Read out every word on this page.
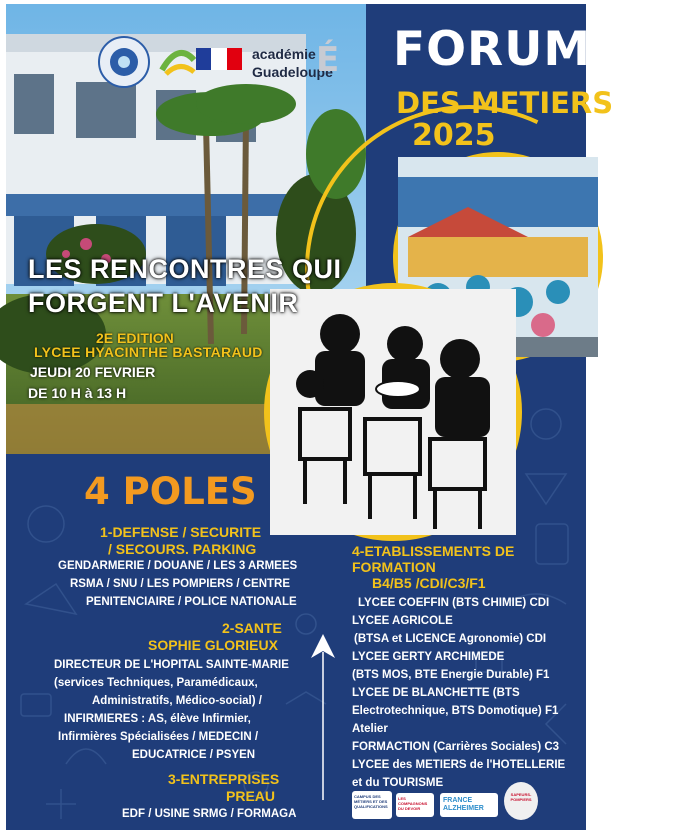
académie

Guadeloupe

É FORUM

DES METIERS

2025

LES RENCONTRES QUI

FORGENT L'AVENIR

2E EDITION

LYCEE HYACINTHE BASTARAUD

JEUDI 20 FEVRIER

DE 10 H à 13 H

4 POLES

1-DEFENSE / SECURITE

/ SECOURS. PARKING

GENDARMERIE / DOUANE / LES 3 ARMEES

RSMA / SNU / LES POMPIERS / CENTRE

PENITENCIAIRE / POLICE NATIONALE

2-SANTE

SOPHIE GLORIEUX

DIRECTEUR DE L'HOPITAL SAINTE-MARIE

(services Techniques, Paramédicaux,

Administratifs, Médico-social) /

INFIRMIERES : AS, élève Infirmier,

Infirmières Spécialisées / MEDECIN /

EDUCATRICE / PSYEN

3-ENTREPRISES

PREAU

EDF / USINE SRMG / FORMAGA

4-ETABLISSEMENTS DE

FORMATION

B4/B5 /CDI/C3/F1

LYCEE COEFFIN (BTS CHIMIE) CDI

LYCEE AGRICOLE

(BTSA et LICENCE Agronomie) CDI

LYCEE GERTY ARCHIMEDE

(BTS MOS, BTE Energie Durable) F1

LYCEE DE BLANCHETTE (BTS

Electrotechnique, BTS Domotique) F1

Atelier

FORMACTION (Carrières Sociales) C3

LYCEE des METIERS de l'HOTELLERIE

et du TOURISME

CAMPUS DES MÉTIERS ET DES QUALIFICATIONS
LES COMPAGNONS DU DEVOIR
FRANCE ALZHEIMER
SAPEURS-POMPIERS
